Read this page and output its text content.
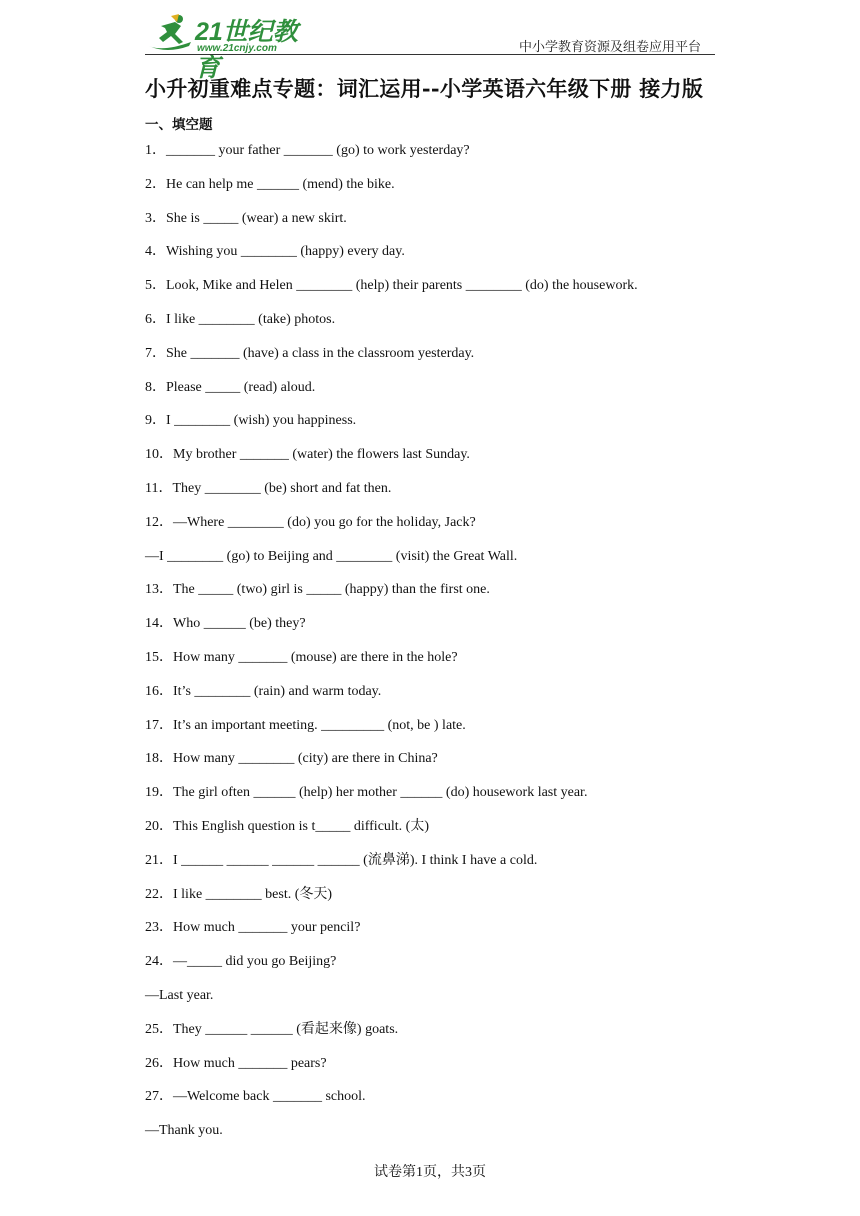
21世纪教育
www.21cnjy.com	中小学教育资源及组卷应用平台
小升初重难点专题：词汇运用--小学英语六年级下册 接力版
一、填空题
1．_______ your father _______ (go) to work yesterday?
2．He can help me ______ (mend) the bike.
3．She is _____ (wear) a new skirt.
4．Wishing you ________ (happy) every day.
5．Look, Mike and Helen ________ (help) their parents ________ (do) the housework.
6．I like ________ (take) photos.
7．She _______ (have) a class in the classroom yesterday.
8．Please _____ (read) aloud.
9．I ________ (wish) you happiness.
10．My brother _______ (water) the flowers last Sunday.
11．They ________ (be) short and fat then.
12．—Where ________ (do) you go for the holiday, Jack?
—I ________ (go) to Beijing and ________ (visit) the Great Wall.
13．The _____ (two) girl is _____ (happy) than the first one.
14．Who ______ (be) they?
15．How many _______ (mouse) are there in the hole?
16．It’s ________ (rain) and warm today.
17．It’s an important meeting. _________ (not, be ) late.
18．How many ________ (city) are there in China?
19．The girl often ______ (help) her mother ______ (do) housework last year.
20．This English question is t_____ difficult. (太)
21．I ______ ______ ______ ______ (流鼻涕). I think I have a cold.
22．I like ________ best. (冬天)
23．How much _______ your pencil?
24．—_____ did you go Beijing?
—Last year.
25．They ______ ______ (看起来像) goats.
26．How much _______ pears?
27．—Welcome back _______ school.
—Thank you.
试卷第1页，共3页
